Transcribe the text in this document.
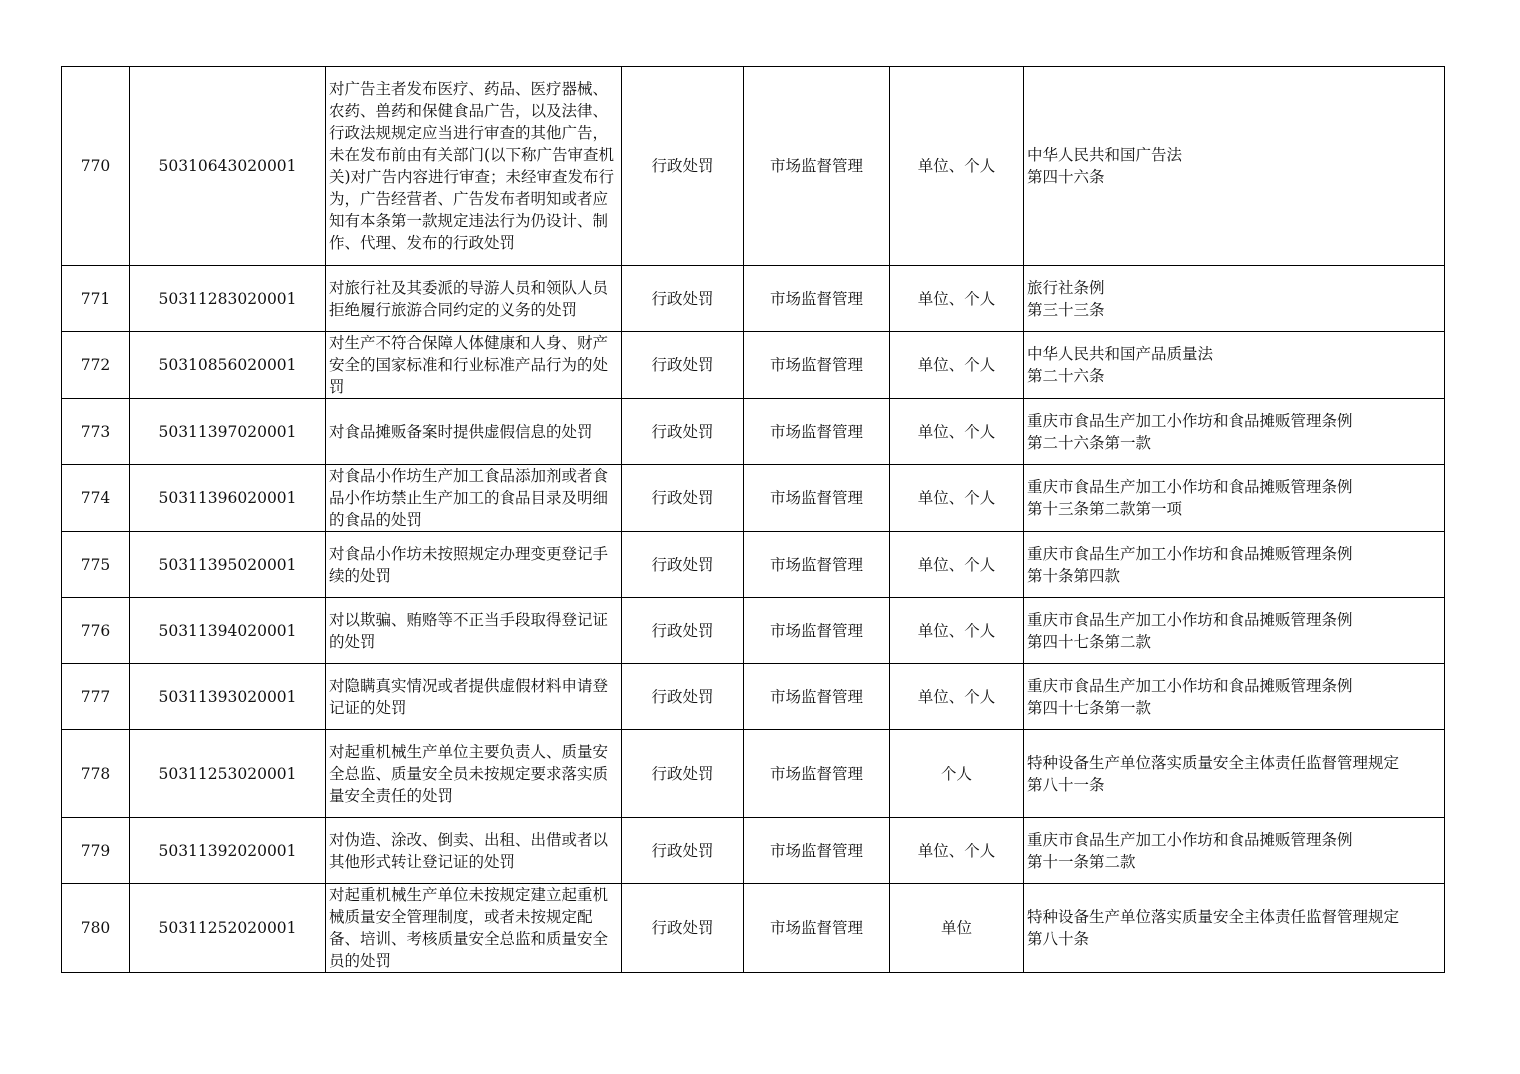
770	50310643020001	对广告主者发布医疗、药品、医疗器械、农药、兽药和保健食品广告，以及法律、行政法规规定应当进行审查的其他广告，未在发布前由有关部门(以下称广告审查机关)对广告内容进行审查；未经审查发布行为，广告经营者、广告发布者明知或者应知有本条第一款规定违法行为仍设计、制作、代理、发布的行政处罚	行政处罚	市场监督管理	单位、个人	中华人民共和国广告法
第四十六条

771	50311283020001	对旅行社及其委派的导游人员和领队人员拒绝履行旅游合同约定的义务的处罚	行政处罚	市场监督管理	单位、个人	旅行社条例
第三十三条

772	50310856020001	对生产不符合保障人体健康和人身、财产安全的国家标准和行业标准产品行为的处罚	行政处罚	市场监督管理	单位、个人	中华人民共和国产品质量法
第二十六条

773	50311397020001	对食品摊贩备案时提供虚假信息的处罚	行政处罚	市场监督管理	单位、个人	重庆市食品生产加工小作坊和食品摊贩管理条例
第二十六条第一款

774	50311396020001	对食品小作坊生产加工食品添加剂或者食品小作坊禁止生产加工的食品目录及明细的食品的处罚	行政处罚	市场监督管理	单位、个人	重庆市食品生产加工小作坊和食品摊贩管理条例
第十三条第二款第一项

775	50311395020001	对食品小作坊未按照规定办理变更登记手续的处罚	行政处罚	市场监督管理	单位、个人	重庆市食品生产加工小作坊和食品摊贩管理条例
第十条第四款

776	50311394020001	对以欺骗、贿赂等不正当手段取得登记证的处罚	行政处罚	市场监督管理	单位、个人	重庆市食品生产加工小作坊和食品摊贩管理条例
第四十七条第二款

777	50311393020001	对隐瞒真实情况或者提供虚假材料申请登记证的处罚	行政处罚	市场监督管理	单位、个人	重庆市食品生产加工小作坊和食品摊贩管理条例
第四十七条第一款

778	50311253020001	对起重机械生产单位主要负责人、质量安全总监、质量安全员未按规定要求落实质量安全责任的处罚	行政处罚	市场监督管理	个人	特种设备生产单位落实质量安全主体责任监督管理规定
第八十一条

779	50311392020001	对伪造、涂改、倒卖、出租、出借或者以其他形式转让登记证的处罚	行政处罚	市场监督管理	单位、个人	重庆市食品生产加工小作坊和食品摊贩管理条例
第十一条第二款

780	50311252020001	对起重机械生产单位未按规定建立起重机械质量安全管理制度，或者未按规定配备、培训、考核质量安全总监和质量安全员的处罚	行政处罚	市场监督管理	单位	特种设备生产单位落实质量安全主体责任监督管理规定
第八十条
